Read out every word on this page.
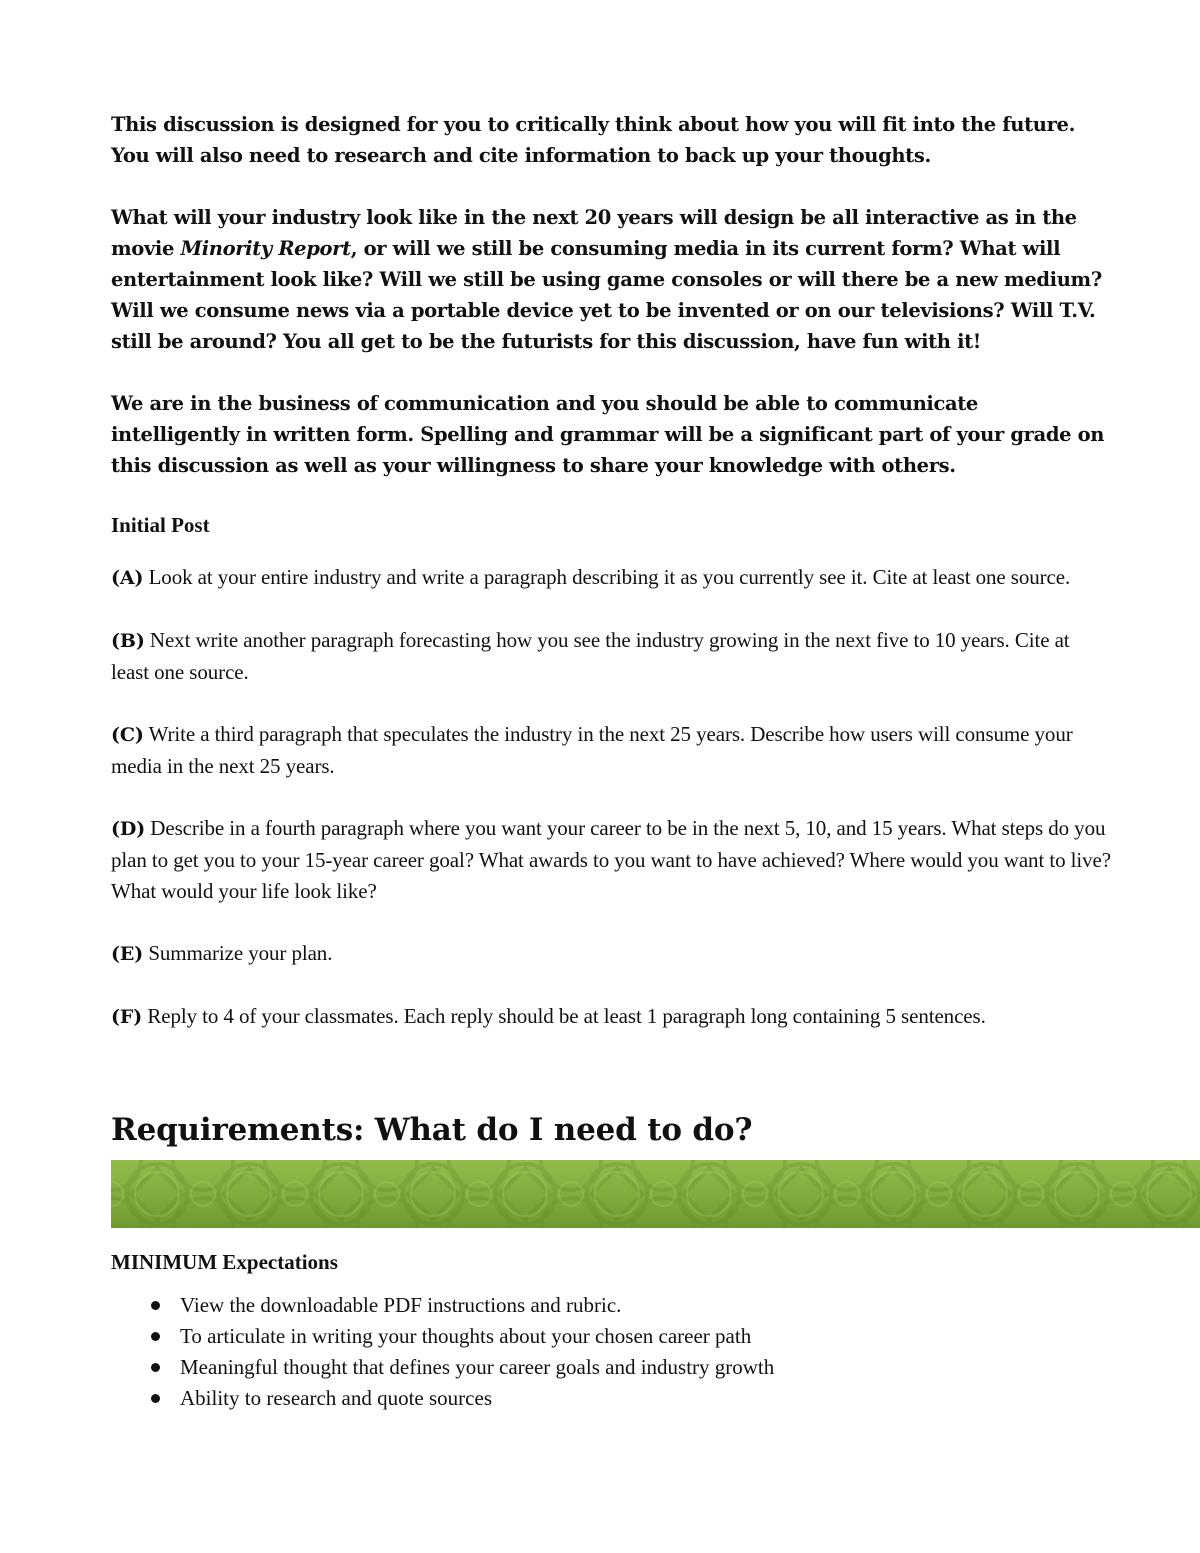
This discussion is designed for you to critically think about how you will fit into the future. You will also need to research and cite information to back up your thoughts.

What will your industry look like in the next 20 years will design be all interactive as in the movie Minority Report, or will we still be consuming media in its current form? What will entertainment look like? Will we still be using game consoles or will there be a new medium? Will we consume news via a portable device yet to be invented or on our televisions? Will T.V. still be around? You all get to be the futurists for this discussion, have fun with it!

We are in the business of communication and you should be able to communicate intelligently in written form. Spelling and grammar will be a significant part of your grade on this discussion as well as your willingness to share your knowledge with others.

Initial Post

(A) Look at your entire industry and write a paragraph describing it as you currently see it. Cite at least one source.

(B) Next write another paragraph forecasting how you see the industry growing in the next five to 10 years. Cite at least one source.

(C) Write a third paragraph that speculates the industry in the next 25 years. Describe how users will consume your media in the next 25 years.

(D) Describe in a fourth paragraph where you want your career to be in the next 5, 10, and 15 years. What steps do you plan to get you to your 15-year career goal? What awards to you want to have achieved? Where would you want to live? What would your life look like?

(E) Summarize your plan.

(F) Reply to 4 of your classmates. Each reply should be at least 1 paragraph long containing 5 sentences.

Requirements: What do I need to do?

MINIMUM Expectations

View the downloadable PDF instructions and rubric.
To articulate in writing your thoughts about your chosen career path
Meaningful thought that defines your career goals and industry growth
Ability to research and quote sources
